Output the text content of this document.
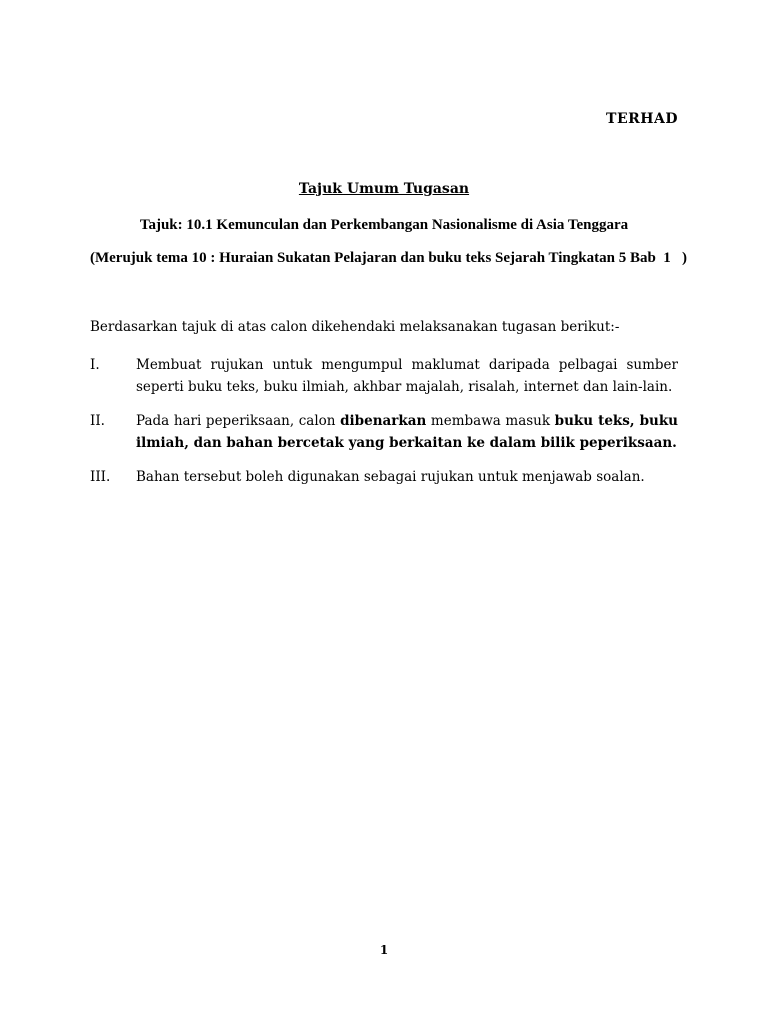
TERHAD
Tajuk Umum Tugasan
Tajuk: 10.1 Kemunculan dan Perkembangan Nasionalisme di Asia Tenggara
(Merujuk tema 10 : Huraian Sukatan Pelajaran dan buku teks Sejarah Tingkatan 5 Bab  1   )
Berdasarkan tajuk di atas calon dikehendaki melaksanakan tugasan berikut:-
I.	Membuat rujukan untuk mengumpul maklumat daripada pelbagai sumber seperti buku teks, buku ilmiah, akhbar majalah, risalah, internet dan lain-lain.
II. Pada hari peperiksaan, calon dibenarkan membawa masuk buku teks, buku ilmiah, dan bahan bercetak yang berkaitan ke dalam bilik peperiksaan.
III. Bahan tersebut boleh digunakan sebagai rujukan untuk menjawab soalan.
1
